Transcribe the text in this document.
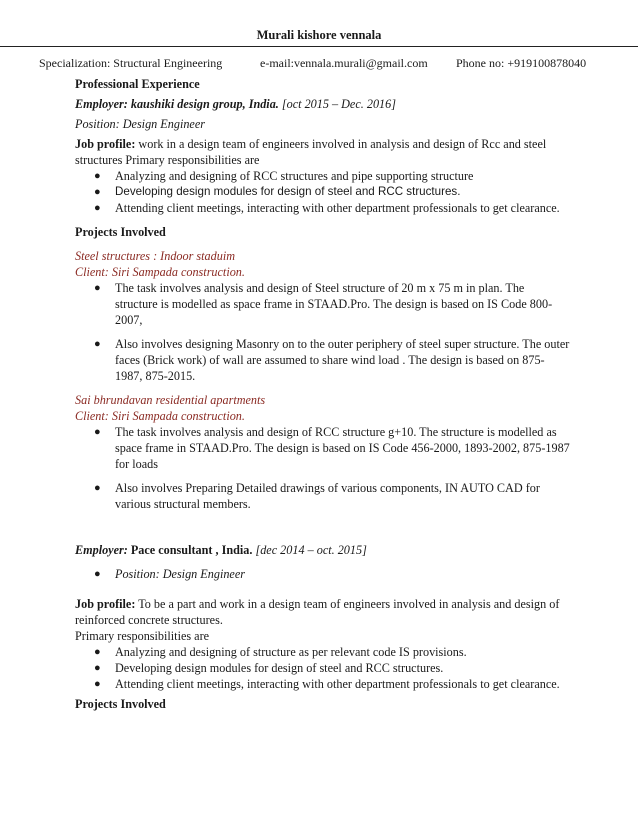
Murali kishore vennala
Specialization: Structural Engineering	e-mail:vennala.murali@gmail.com	Phone no: +919100878040
Professional Experience
Employer: kaushiki design group, India. [oct 2015 – Dec. 2016]
Position: Design Engineer
Job profile: work in a design team of engineers involved in analysis and design of Rcc and steel structures Primary responsibilities are
● Analyzing and designing of RCC structures and pipe supporting structure
● Developing design modules for design of steel and RCC structures.
● Attending client meetings, interacting with other department professionals to get clearance.
Projects Involved
Steel structures : Indoor staduim
Client: Siri Sampada construction.
● The task involves analysis and design of Steel structure of 20 m x 75 m in plan. The structure is modelled as space frame in STAAD.Pro. The design is based on IS Code 800-2007,
● Also involves designing Masonry on to the outer periphery of steel super structure. The outer faces (Brick work) of wall are assumed to share wind load . The design is based on 875-1987, 875-2015.
Sai bhrundavan residential apartments
Client: Siri Sampada construction.
● The task involves analysis and design of RCC structure g+10. The structure is modelled as space frame in STAAD.Pro. The design is based on IS Code 456-2000, 1893-2002, 875-1987 for loads
● Also involves Preparing Detailed drawings of various components, IN AUTO CAD for various structural members.
Employer: Pace consultant , India. [dec 2014 – oct. 2015]
● Position: Design Engineer
Job profile: To be a part and work in a design team of engineers involved in analysis and design of reinforced concrete structures.
Primary responsibilities are
● Analyzing and designing of structure as per relevant code IS provisions.
● Developing design modules for design of steel and RCC structures.
● Attending client meetings, interacting with other department professionals to get clearance.
Projects Involved
